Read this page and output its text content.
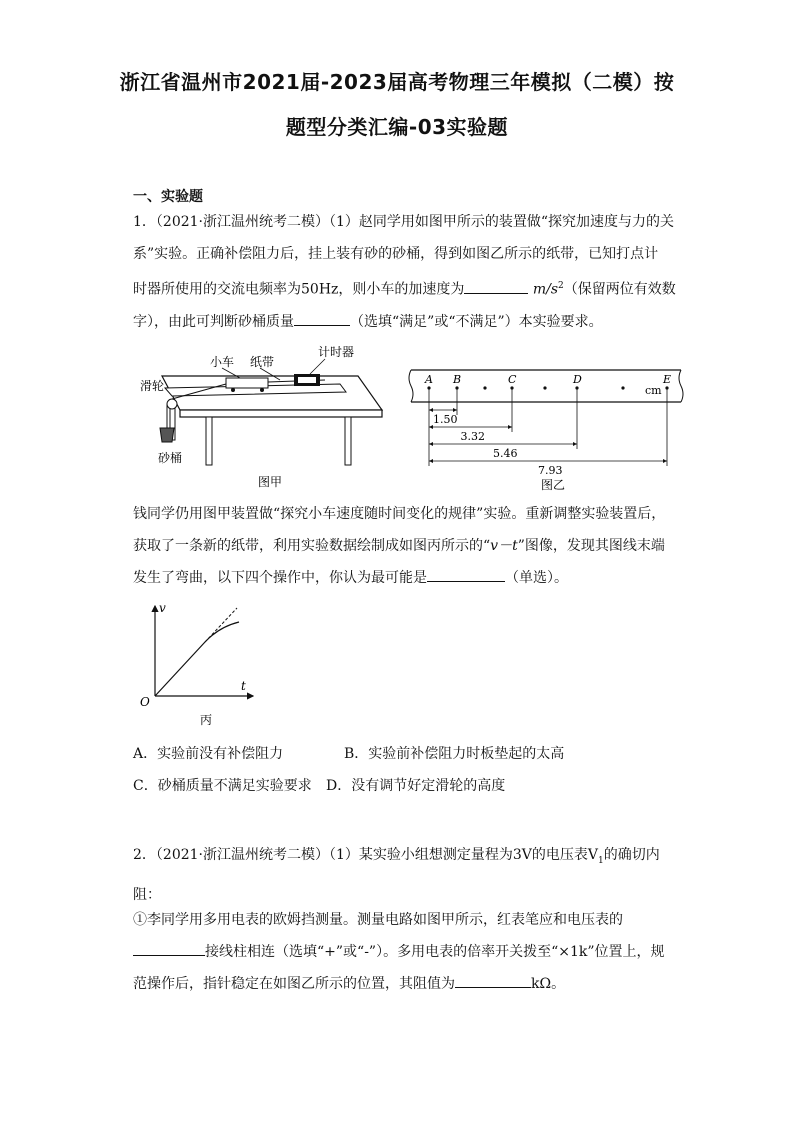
浙江省温州市2021届-2023届高考物理三年模拟（二模）按
题型分类汇编-03实验题
一、实验题

1．（2021·浙江温州统考二模）（1）赵同学用如图甲所示的装置做“探究加速度与力的关

系”实验。正确补偿阻力后，挂上装有砂的砂桶，得到如图乙所示的纸带，已知打点计

时器所使用的交流电频率为50Hz，则小车的加速度为	$m/s^2$（保留两位有效数

字），由此可判断砂桶质量	（选填“满足”或“不满足”）本实验要求。

小车 纸带
计时器
滑轮
砂桶
图甲
A B	C	D	E
cm
1.50
3.32
5.46
7.93
图乙

钱同学仍用图甲装置做“探究小车速度随时间变化的规律”实验。重新调整实验装置后，

获取了一条新的纸带，利用实验数据绘制成如图丙所示的“v－t”图像，发现其图线末端

发生了弯曲，以下四个操作中，你认为最可能是	（单选）。

v
t
O
丙
A．实验前没有补偿阻力	B．实验前补偿阻力时板垫起的太高
C．砂桶质量不满足实验要求 D．没有调节好定滑轮的高度

2．（2021·浙江温州统考二模）（1）某实验小组想测定量程为3V的电压表$V_1$的确切内

阻：

①李同学用多用电表的欧姆挡测量。测量电路如图甲所示，红表笔应和电压表的

接线柱相连（选填“+”或“-”）。多用电表的倍率开关拨至“×1k”位置上，规

范操作后，指针稳定在如图乙所示的位置，其阻值为	kΩ。
